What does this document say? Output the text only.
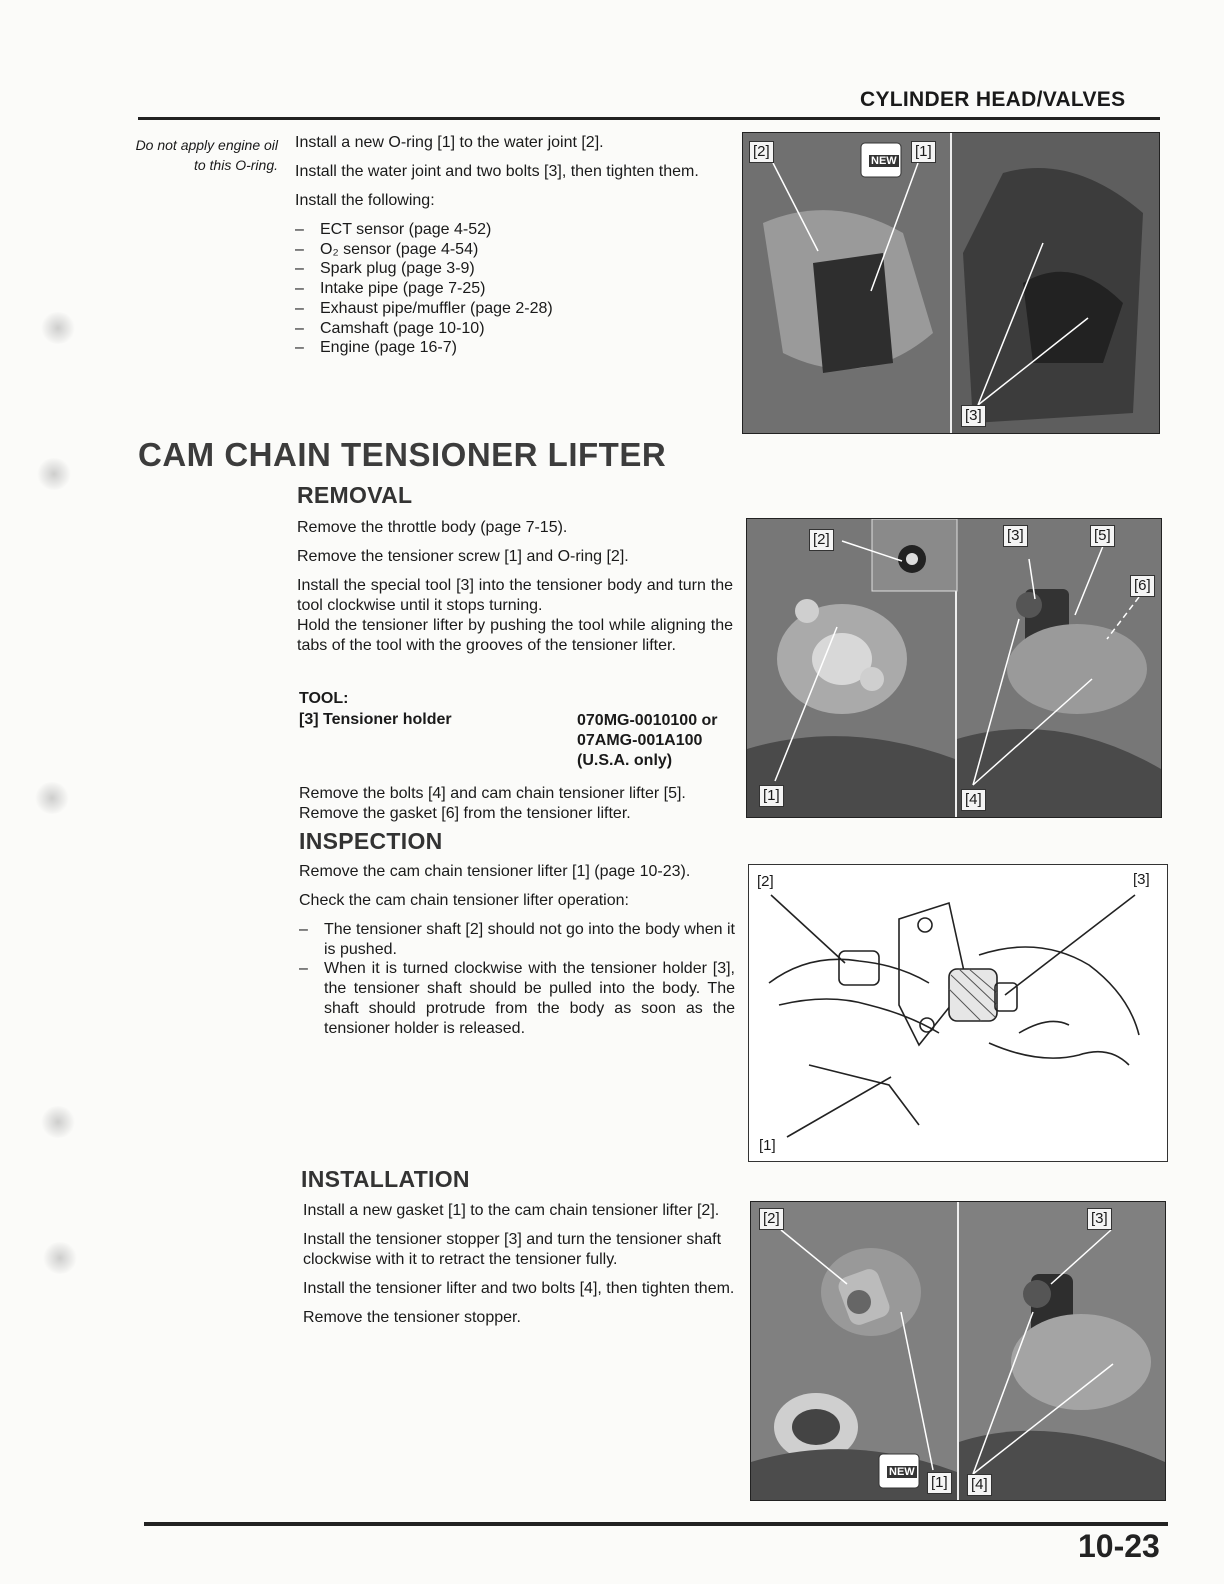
CYLINDER HEAD/VALVES
Do not apply engine oil to this O-ring.

Install a new O-ring [1] to the water joint [2].

Install the water joint and two bolts [3], then tighten them.

Install the following:

– ECT sensor (page 4-52)
– O₂ sensor (page 4-54)
– Spark plug (page 3-9)
– Intake pipe (page 7-25)
– Exhaust pipe/muffler (page 2-28)
– Camshaft (page 10-10)
– Engine (page 16-7)
NEW
[2]	[1]
[3]
CAM CHAIN TENSIONER LIFTER
REMOVAL

Remove the throttle body (page 7-15).

Remove the tensioner screw [1] and O-ring [2].

Install the special tool [3] into the tensioner body and turn the tool clockwise until it stops turning.

Hold the tensioner lifter by pushing the tool while aligning the tabs of the tool with the grooves of the tensioner lifter.

TOOL:
[3] Tensioner holder	070MG-0010100 or
07AMG-001A100
(U.S.A. only)
Remove the bolts [4] and cam chain tensioner lifter [5].
Remove the gasket [6] from the tensioner lifter.
[2]	[3]	[5]
[6]
[1]	[4]
INSPECTION

Remove the cam chain tensioner lifter [1] (page 10-23).

Check the cam chain tensioner lifter operation:

– The tensioner shaft [2] should not go into the body when it is pushed.
– When it is turned clockwise with the tensioner holder [3], the tensioner shaft should be pulled into the body. The shaft should protrude from the body as soon as the tensioner holder is released.
[2]	[3]
[1]
INSTALLATION

Install a new gasket [1] to the cam chain tensioner lifter [2].

Install the tensioner stopper [3] and turn the tensioner shaft clockwise with it to retract the tensioner fully.

Install the tensioner lifter and two bolts [4], then tighten them.

Remove the tensioner stopper.

NEW
[2]	[3]
[1] [4]
10-23
